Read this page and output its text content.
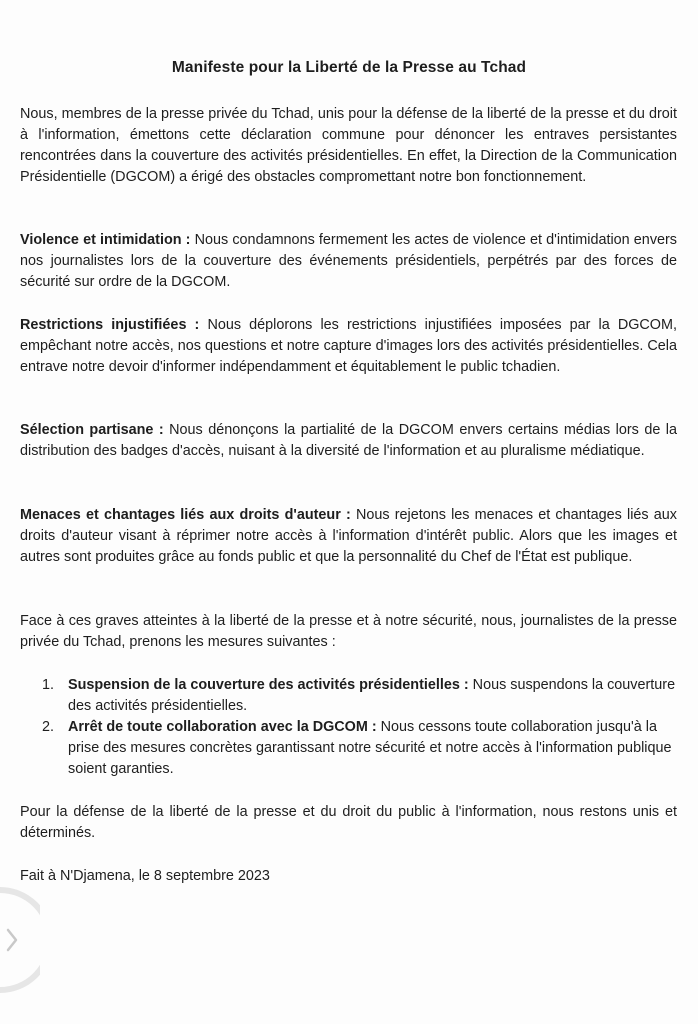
Manifeste pour la Liberté de la Presse au Tchad
Nous, membres de la presse privée du Tchad, unis pour la défense de la liberté de la presse et du droit à l'information, émettons cette déclaration commune pour dénoncer les entraves persistantes rencontrées dans la couverture des activités présidentielles. En effet, la Direction de la Communication Présidentielle (DGCOM) a érigé des obstacles compromettant notre bon fonctionnement.
Violence et intimidation : Nous condamnons fermement les actes de violence et d'intimidation envers nos journalistes lors de la couverture des événements présidentiels, perpétrés par des forces de sécurité sur ordre de la DGCOM.
Restrictions injustifiées : Nous déplorons les restrictions injustifiées imposées par la DGCOM, empêchant notre accès, nos questions et notre capture d'images lors des activités présidentielles. Cela entrave notre devoir d'informer indépendamment et équitablement le public tchadien.
Sélection partisane : Nous dénonçons la partialité de la DGCOM envers certains médias lors de la distribution des badges d'accès, nuisant à la diversité de l'information et au pluralisme médiatique.
Menaces et chantages liés aux droits d'auteur : Nous rejetons les menaces et chantages liés aux droits d'auteur visant à réprimer notre accès à l'information d'intérêt public. Alors que les images et autres sont produites grâce au fonds public et que la personnalité du Chef de l'État est publique.
Face à ces graves atteintes à la liberté de la presse et à notre sécurité, nous, journalistes de la presse privée du Tchad, prenons les mesures suivantes :
1. Suspension de la couverture des activités présidentielles : Nous suspendons la couverture des activités présidentielles.
2. Arrêt de toute collaboration avec la DGCOM : Nous cessons toute collaboration jusqu'à la prise des mesures concrètes garantissant notre sécurité et notre accès à l'information publique soient garanties.
Pour la défense de la liberté de la presse et du droit du public à l'information, nous restons unis et déterminés.
Fait à N'Djamena, le 8 septembre 2023
